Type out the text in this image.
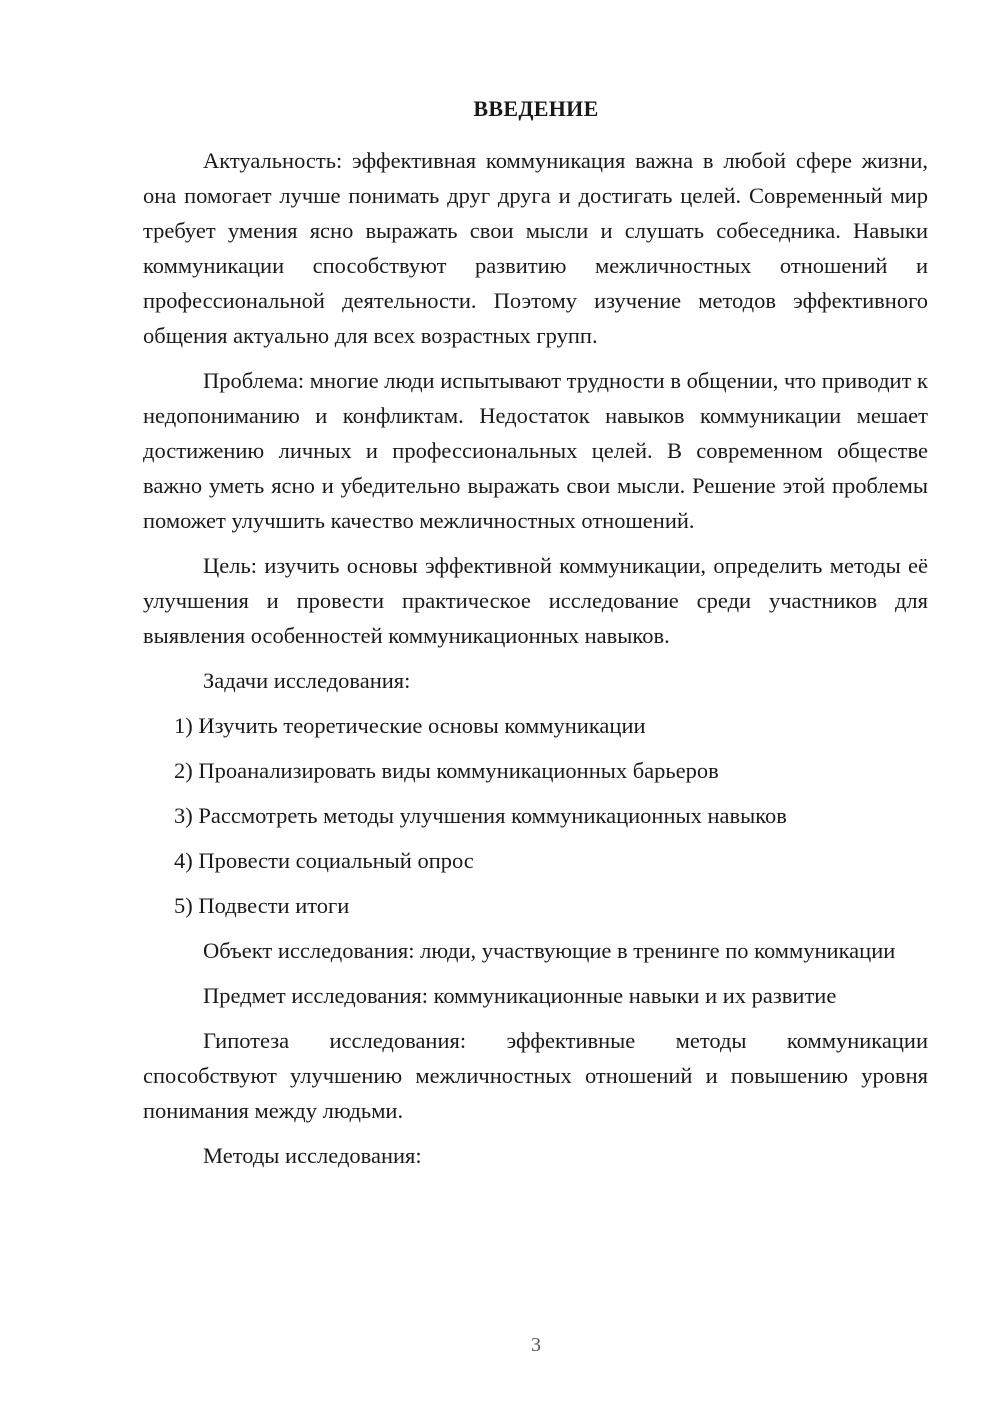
ВВЕДЕНИЕ

Актуальность: эффективная коммуникация важна в любой сфере жизни, она помогает лучше понимать друг друга и достигать целей. Современный мир требует умения ясно выражать свои мысли и слушать собеседника. Навыки коммуникации способствуют развитию межличностных отношений и профессиональной деятельности. Поэтому изучение методов эффективного общения актуально для всех возрастных групп.

Проблема: многие люди испытывают трудности в общении, что приводит к недопониманию и конфликтам. Недостаток навыков коммуникации мешает достижению личных и профессиональных целей. В современном обществе важно уметь ясно и убедительно выражать свои мысли. Решение этой проблемы поможет улучшить качество межличностных отношений.

Цель: изучить основы эффективной коммуникации, определить методы её улучшения и провести практическое исследование среди участников для выявления особенностей коммуникационных навыков.

Задачи исследования:

1) Изучить теоретические основы коммуникации
2) Проанализировать виды коммуникационных барьеров
3) Рассмотреть методы улучшения коммуникационных навыков
4) Провести социальный опрос
5) Подвести итоги

Объект исследования: люди, участвующие в тренинге по коммуникации

Предмет исследования: коммуникационные навыки и их развитие

Гипотеза исследования: эффективные методы коммуникации способствуют улучшению межличностных отношений и повышению уровня понимания между людьми.

Методы исследования:

3
